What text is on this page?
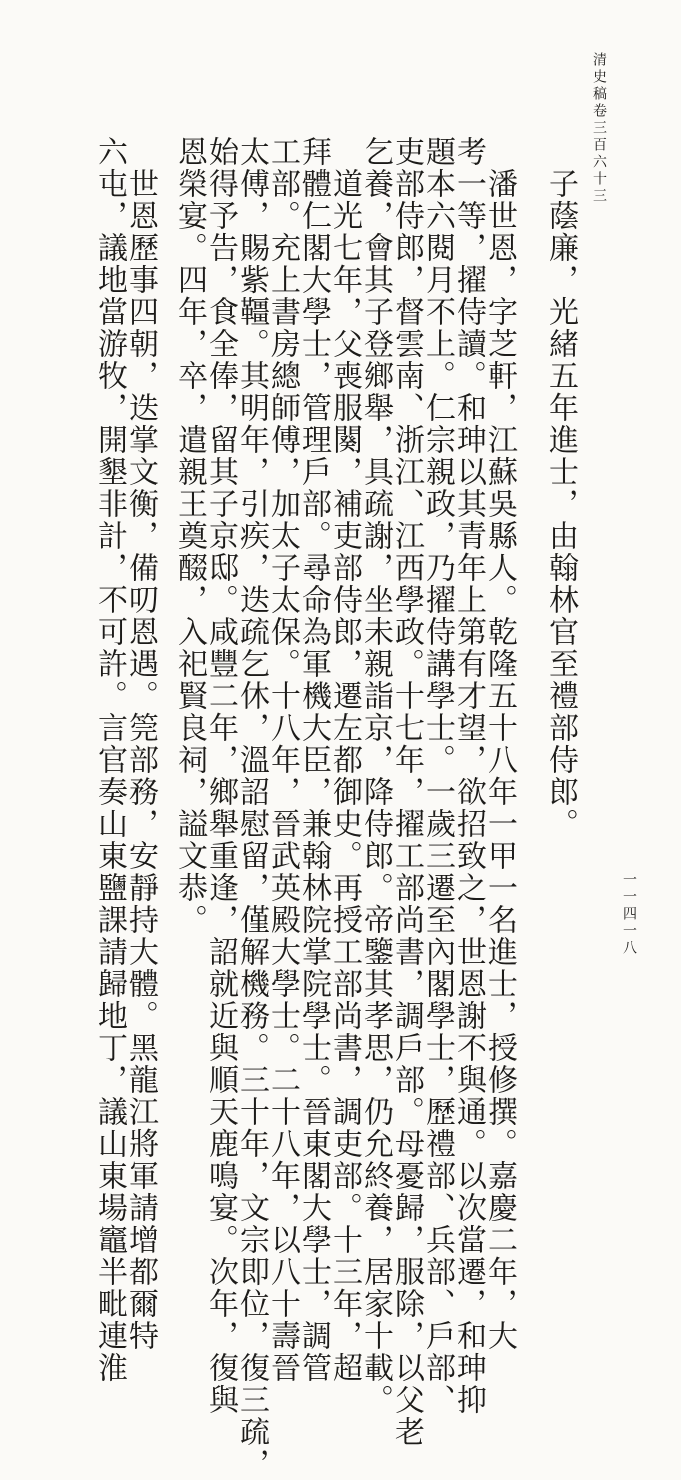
清史稿卷三百六十三
一一四一八
子蔭廉，光緒五年進士，由翰林官至禮部侍郎。
潘世恩，字芝軒，江蘇吳縣人。乾隆五十八年一甲一名進士，授修撰。嘉慶二年，大
考一等，擢侍讀。和珅以其青年上第有才望，欲招致之，世恩謝不與通。以次當遷，和珅抑
題本六閱月不上。仁宗親政，乃擢侍講學士。一歲三遷至內閣學士，歷禮部、兵部、戶部、
吏部侍郎，督雲南、浙江、江西學政。十七年，擢工部尚書，調戶部。母憂歸，服除，以父老
乞養，會其子登鄉舉，具疏謝，坐未親詣京，降侍郎。帝鑒其孝思，仍允終養，居家十載。
道光七年，父喪服闋，補吏部侍郎，遷左都御史。再授工部尚書，調吏部。十三年，超
拜體仁閣大學士，管理戶部。尋命為軍機大臣，兼翰林院掌院學士。晉東閣大學士，調管
工部。充上書房總師傅，加太子太保。十八年，晉武英殿大學士。二十八年，以八十壽晉
太傅，賜紫韁。其明年，引疾，迭疏乞休，溫詔慰留，僅解機務。三十年，文宗即位，復三疏，
始得予告，食全俸，留其子京邸。咸豐二年，鄉舉重逢，詔就近與順天鹿鳴宴。次年，復與
恩榮宴。四年，卒，遣親王奠醊，入祀賢良祠，謚文恭。
世恩歷事四朝，迭掌文衡，備叨恩遇。筦部務，安靜持大體。黑龍江將軍請增都爾特
六屯，議地當游牧，開墾非計，不可許。言官奏山東鹽課請歸地丁，議山東場竈半毗連淮
